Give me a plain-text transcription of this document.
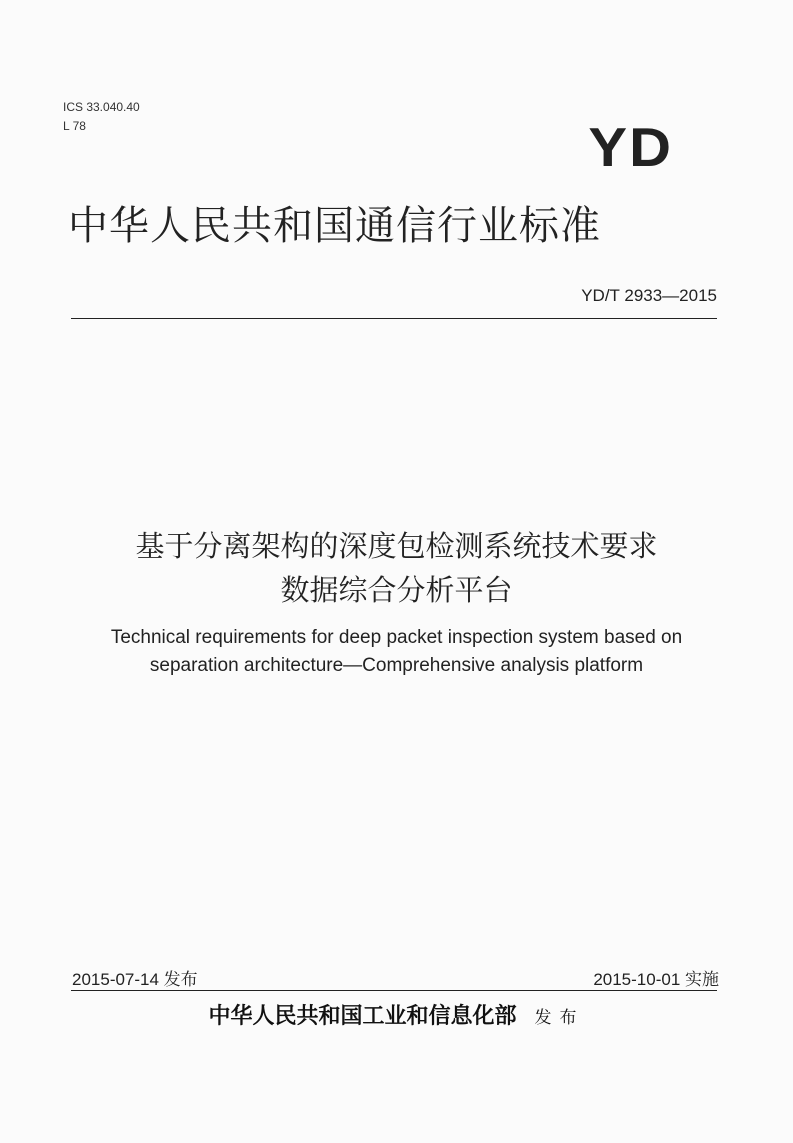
ICS 33.040.40
L 78	YD
中华人民共和国通信行业标准
YD/T 2933—2015
基于分离架构的深度包检测系统技术要求
数据综合分析平台
Technical requirements for deep packet inspection system based on
separation architecture—Comprehensive analysis platform
2015-07-14 发布	2015-10-01 实施
中华人民共和国工业和信息化部 发布
